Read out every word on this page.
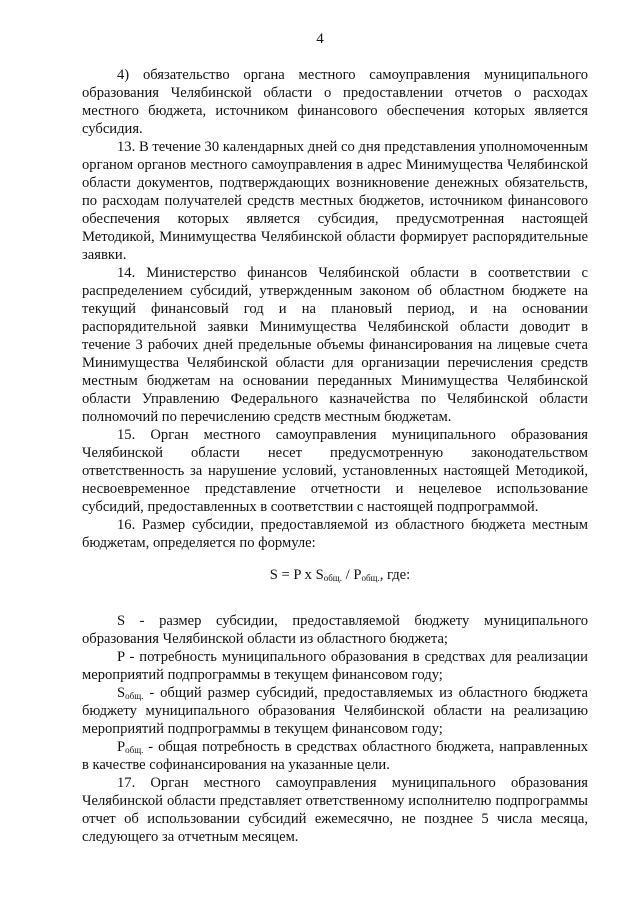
4

4) обязательство органа местного самоуправления муниципального образования Челябинской области о предоставлении отчетов о расходах местного бюджета, источником финансового обеспечения которых является субсидия.

13. В течение 30 календарных дней со дня представления уполномоченным органом органов местного самоуправления в адрес Минимущества Челябинской области документов, подтверждающих возникновение денежных обязательств, по расходам получателей средств местных бюджетов, источником финансового обеспечения которых является субсидия, предусмотренная настоящей Методикой, Минимущества Челябинской области формирует распорядительные заявки.

14. Министерство финансов Челябинской области в соответствии с распределением субсидий, утвержденным законом об областном бюджете на текущий финансовый год и на плановый период, и на основании распорядительной заявки Минимущества Челябинской области доводит в течение 3 рабочих дней предельные объемы финансирования на лицевые счета Минимущества Челябинской области для организации перечисления средств местным бюджетам на основании переданных Минимущества Челябинской области Управлению Федерального казначейства по Челябинской области полномочий по перечислению средств местным бюджетам.

15. Орган местного самоуправления муниципального образования Челябинской области несет предусмотренную законодательством ответственность за нарушение условий, установленных настоящей Методикой, несвоевременное представление отчетности и нецелевое использование субсидий, предоставленных в соответствии с настоящей подпрограммой.

16. Размер субсидии, предоставляемой из областного бюджета местным бюджетам, определяется по формуле:

S = P x $S_{общ.} / P_{общ.}$, где:

S - размер субсидии, предоставляемой бюджету муниципального образования Челябинской области из областного бюджета;

P - потребность муниципального образования в средствах для реализации мероприятий подпрограммы в текущем финансовом году;

$S_{общ.}$ - общий размер субсидий, предоставляемых из областного бюджета бюджету муниципального образования Челябинской области на реализацию мероприятий подпрограммы в текущем финансовом году;

$P_{общ.}$ - общая потребность в средствах областного бюджета, направленных в качестве софинансирования на указанные цели.

17. Орган местного самоуправления муниципального образования Челябинской области представляет ответственному исполнителю подпрограммы отчет об использовании субсидий ежемесячно, не позднее 5 числа месяца, следующего за отчетным месяцем.
